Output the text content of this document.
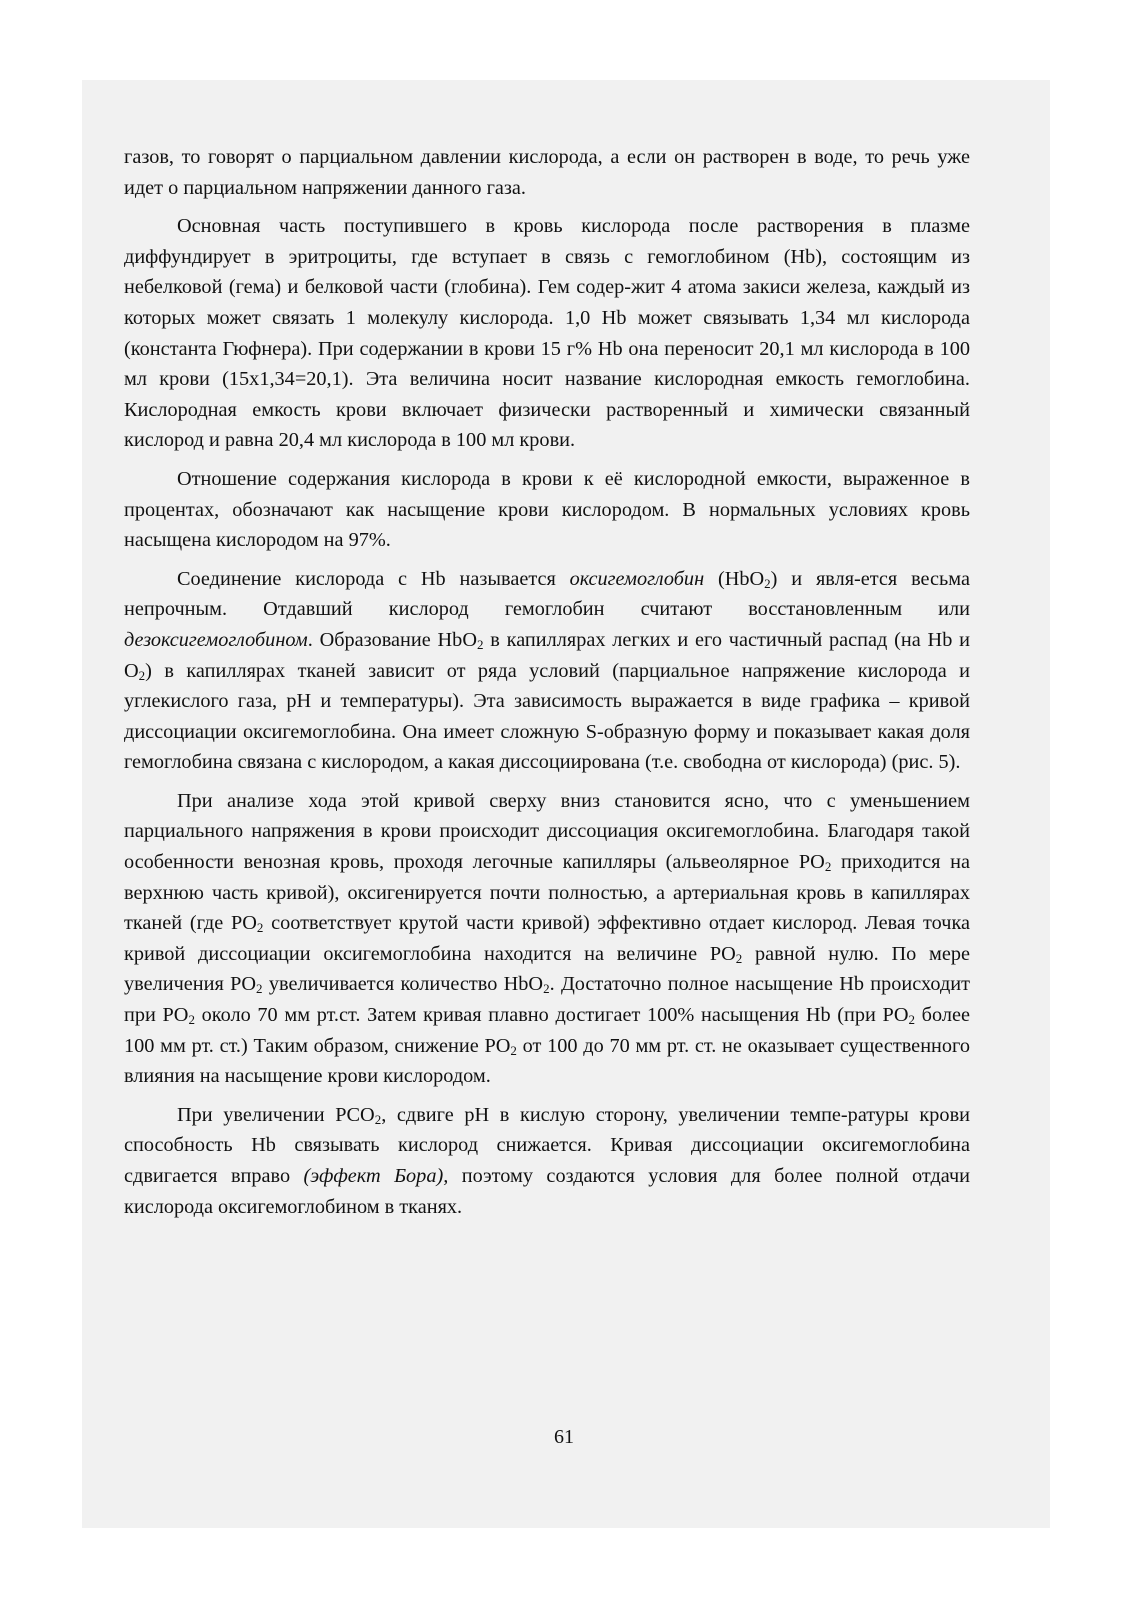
газов, то говорят о парциальном давлении кислорода, а если он растворен в воде, то речь уже идет о парциальном напряжении данного газа.

Основная часть поступившего в кровь кислорода после растворения в плазме диффундирует в эритроциты, где вступает в связь с гемоглобином (Hb), состоящим из небелковой (гема) и белковой части (глобина). Гем содер-жит 4 атома закиси железа, каждый из которых может связать 1 молекулу кислорода. 1,0 Hb может связывать 1,34 мл кислорода (константа Гюфнера). При содержании в крови 15 г% Hb она переносит 20,1 мл кислорода в 100 мл крови (15х1,34=20,1). Эта величина носит название кислородная емкость гемоглобина. Кислородная емкость крови включает физически растворенный и химически связанный кислород и равна 20,4 мл кислорода в 100 мл крови.

Отношение содержания кислорода в крови к её кислородной емкости, выраженное в процентах, обозначают как насыщение крови кислородом. В нормальных условиях кровь насыщена кислородом на 97%.

Соединение кислорода с Hb называется оксигемоглобин (HbO$_2$) и явля-ется весьма непрочным. Отдавший кислород гемоглобин считают восстановленным или дезоксигемоглобином. Образование HbO$_2$ в капиллярах легких и его частичный распад (на Hb и $O_2$) в капиллярах тканей зависит от ряда условий (парциальное напряжение кислорода и углекислого газа, pH и температуры). Эта зависимость выражается в виде графика – кривой диссоциации оксигемоглобина. Она имеет сложную S-образную форму и показывает какая доля гемоглобина связана с кислородом, а какая диссоциирована (т.е. свободна от кислорода) (рис. 5).

При анализе хода этой кривой сверху вниз становится ясно, что с уменьшением парциального напряжения в крови происходит диссоциация оксигемоглобина. Благодаря такой особенности венозная кровь, проходя легочные капилляры (альвеолярное $PO_2$ приходится на верхнюю часть кривой), оксигенируется почти полностью, а артериальная кровь в капиллярах тканей (где $PO_2$ соответствует крутой части кривой) эффективно отдает кислород. Левая точка кривой диссоциации оксигемоглобина находится на величине $PO_2$ равной нулю. По мере увеличения $PO_2$ увеличивается количество HbO$_2$. Достаточно полное насыщение Hb происходит при $PO_2$ около 70 мм рт.ст. Затем кривая плавно достигает 100% насыщения Hb (при $PO_2$ более 100 мм рт. ст.) Таким образом, снижение $PO_2$ от 100 до 70 мм рт. ст. не оказывает существенного влияния на насыщение крови кислородом.

При увеличении $PCO_2$, сдвиге pH в кислую сторону, увеличении темпе-ратуры крови способность Hb связывать кислород снижается. Кривая диссоциации оксигемоглобина сдвигается вправо (эффект Бора), поэтому создаются условия для более полной отдачи кислорода оксигемоглобином в тканях.

61
